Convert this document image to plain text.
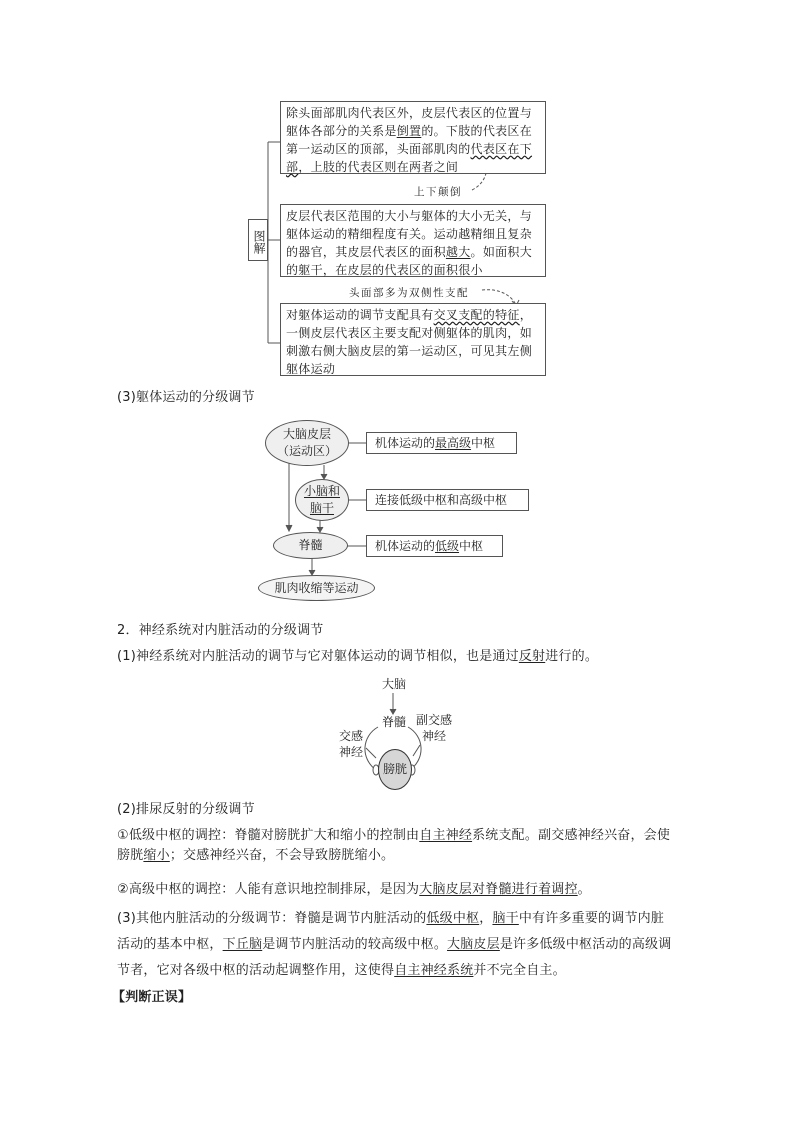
图解
除头面部肌肉代表区外，皮层代表区的位置与躯体各部分的关系是倒置的。下肢的代表区在第一运动区的顶部，头面部肌肉的代表区在下部，上肢的代表区则在两者之间
上下颠倒
皮层代表区范围的大小与躯体的大小无关，与躯体运动的精细程度有关。运动越精细且复杂的器官，其皮层代表区的面积越大。如面积大的躯干，在皮层的代表区的面积很小
头面部多为双侧性支配
对躯体运动的调节支配具有交叉支配的特征，一侧皮层代表区主要支配对侧躯体的肌肉，如刺激右侧大脑皮层的第一运动区，可见其左侧躯体运动
(3)躯体运动的分级调节
大脑皮层
（运动区）
小脑和
脑干
脊髓
肌肉收缩等运动
机体运动的最高级中枢
连接低级中枢和高级中枢
机体运动的低级中枢
2．神经系统对内脏活动的分级调节
(1)神经系统对内脏活动的调节与它对躯体运动的调节相似，也是通过反射进行的。
大脑
脊髓
交感
神经
副交感
神经
膀胱
(2)排尿反射的分级调节
①低级中枢的调控：脊髓对膀胱扩大和缩小的控制由自主神经系统支配。副交感神经兴奋，会使膀胱缩小；交感神经兴奋，不会导致膀胱缩小。
②高级中枢的调控：人能有意识地控制排尿，是因为大脑皮层对脊髓进行着调控。
(3)其他内脏活动的分级调节：脊髓是调节内脏活动的低级中枢，脑干中有许多重要的调节内脏活动的基本中枢，下丘脑是调节内脏活动的较高级中枢。大脑皮层是许多低级中枢活动的高级调节者，它对各级中枢的活动起调整作用，这使得自主神经系统并不完全自主。
【判断正误】
